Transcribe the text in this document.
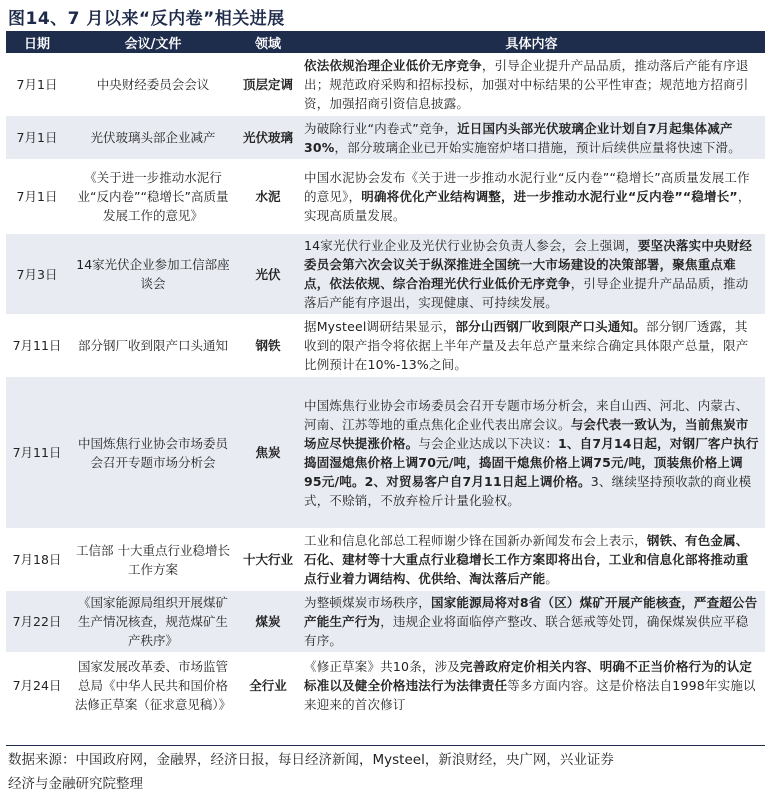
图14、7 月以来“反内卷”相关进展
日期	会议/文件	领域	具体内容
7月1日	中央财经委员会会议	顶层定调	依法依规治理企业低价无序竞争，引导企业提升产品品质，推动落后产能有序退出；规范政府采购和招标投标，加强对中标结果的公平性审查；规范地方招商引资，加强招商引资信息披露。
7月1日	光伏玻璃头部企业减产	光伏玻璃	为破除行业“内卷式”竞争，近日国内头部光伏玻璃企业计划自7月起集体减产30%，部分玻璃企业已开始实施窑炉堵口措施，预计后续供应量将快速下滑。
7月1日	《关于进一步推动水泥行业“反内卷”“稳增长”高质量发展工作的意见》	水泥	中国水泥协会发布《关于进一步推动水泥行业“反内卷”“稳增长”高质量发展工作的意见》，明确将优化产业结构调整，进一步推动水泥行业“反内卷”“稳增长”，实现高质量发展。
7月3日	14家光伏企业参加工信部座谈会	光伏	14家光伏行业企业及光伏行业协会负责人参会，会上强调，要坚决落实中央财经委员会第六次会议关于纵深推进全国统一大市场建设的决策部署，聚焦重点难点，依法依规、综合治理光伏行业低价无序竞争，引导企业提升产品品质，推动落后产能有序退出，实现健康、可持续发展。
7月11日	部分钢厂收到限产口头通知	钢铁	据Mysteel调研结果显示，部分山西钢厂收到限产口头通知。部分钢厂透露，其收到的限产指令将依据上半年产量及去年总产量来综合确定具体限产总量，限产比例预计在10%-13%之间。
7月11日	中国炼焦行业协会市场委员会召开专题市场分析会	焦炭	中国炼焦行业协会市场委员会召开专题市场分析会，来自山西、河北、内蒙古、河南、江苏等地的重点焦化企业代表出席会议。与会代表一致认为，当前焦炭市场应尽快提涨价格。与会企业达成以下决议：1、自7月14日起，对钢厂客户执行捣固湿熄焦价格上调70元/吨，捣固干熄焦价格上调75元/吨，顶装焦价格上调95元/吨。2、对贸易客户自7月11日起上调价格。3、继续坚持预收款的商业模式，不赊销，不放弃检斤计量化验权。
7月18日	工信部 十大重点行业稳增长工作方案	十大行业	工业和信息化部总工程师谢少锋在国新办新闻发布会上表示，钢铁、有色金属、石化、建材等十大重点行业稳增长工作方案即将出台，工业和信息化部将推动重点行业着力调结构、优供给、淘汰落后产能。
7月22日	《国家能源局组织开展煤矿生产情况核查，规范煤矿生产秩序》	煤炭	为整顿煤炭市场秩序，国家能源局将对8省（区）煤矿开展产能核查，严查超公告产能生产行为，违规企业将面临停产整改、联合惩戒等处罚，确保煤炭供应平稳有序。
7月24日	国家发展改革委、市场监管总局《中华人民共和国价格法修正草案（征求意见稿）》	全行业	《修正草案》共10条，涉及完善政府定价相关内容、明确不正当价格行为的认定标准以及健全价格违法行为法律责任等多方面内容。这是价格法自1998年实施以来迎来的首次修订
数据来源：中国政府网，金融界，经济日报，每日经济新闻，Mysteel，新浪财经，央广网，兴业证券
经济与金融研究院整理
